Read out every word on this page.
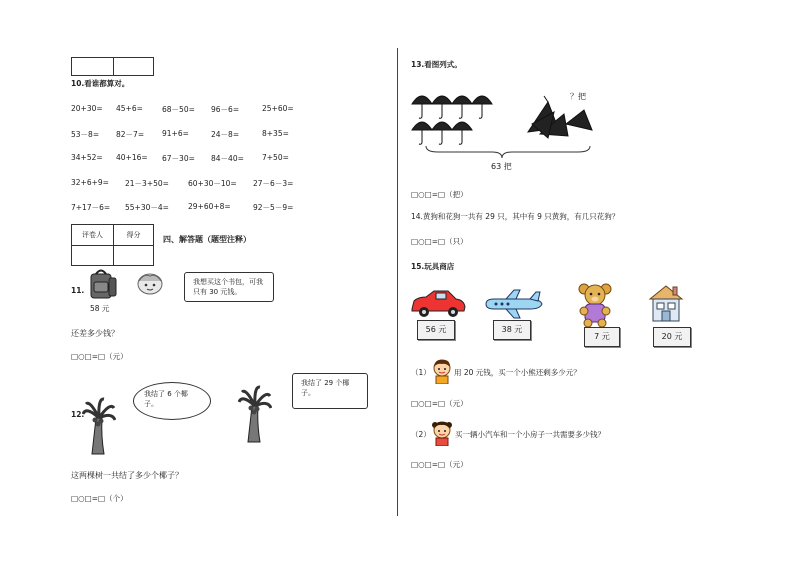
10.看谁都算对。
20+30= 45+6=	68－50= 96－6=	25+60=
53－8= 82－7= 91+6=	24－8=	8+35=
34+52= 40+16= 67－30= 84－40= 7+50=
32+6+9= 21－3+50=	60+30－10= 27－6－3=
7+17－6= 55+30－4=	29+60+8=	92－5－9=
评卷人	得分
		四、解答题（题型注释）
11.
58 元
我想买这个书包，可我只有 30 元钱。
还差多少钱？
□○□=□（元）
12.
我结了 6 个椰子。
我结了 29 个椰子。
这两棵树一共结了多少个椰子？
□○□=□（个）
13.看图列式。
？把
63 把
□○□=□（把）
14.黄狗和花狗一共有 29 只，其中有 9 只黄狗，有几只花狗？
□○□=□（只）
15.玩具商店
56 元	38 元
7 元	20 元
（1）	用 20 元钱，买一个小熊还剩多少元？
□○□=□（元）
（2）	买一辆小汽车和一个小房子一共需要多少钱？
□○□=□（元）
